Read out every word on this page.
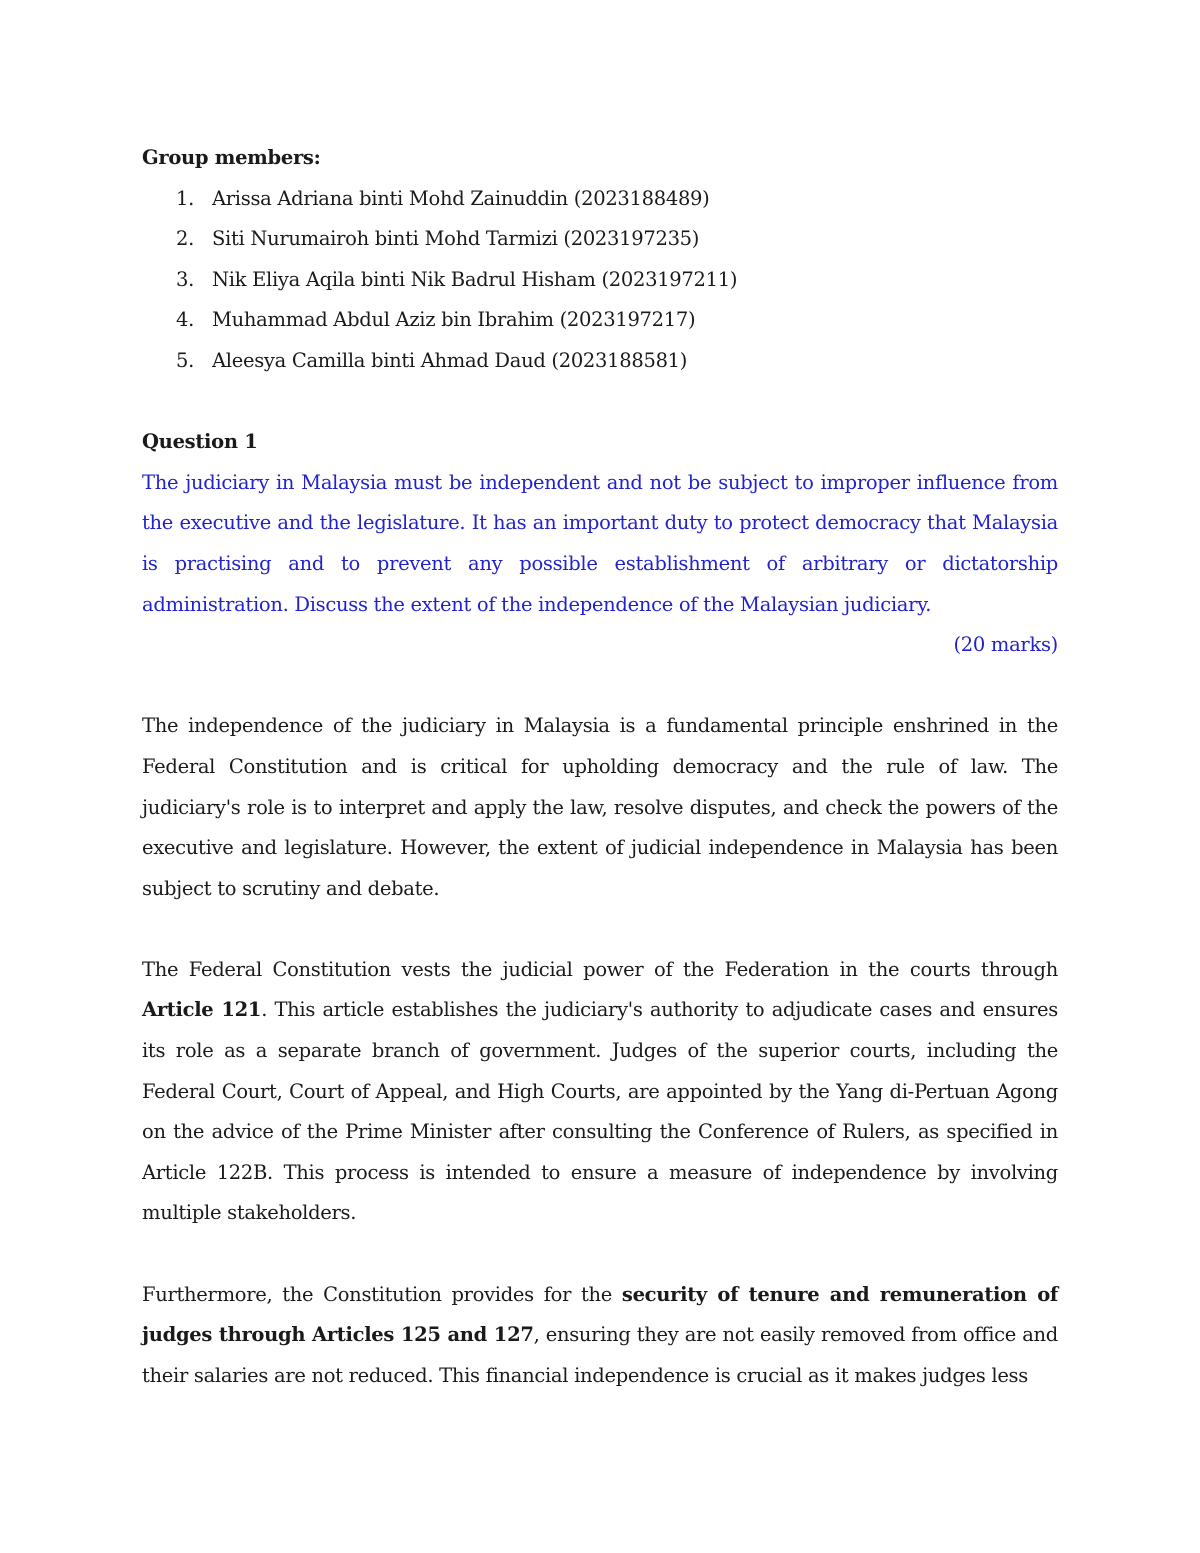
Group members:

1. Arissa Adriana binti Mohd Zainuddin (2023188489)
2. Siti Nurumairoh binti Mohd Tarmizi (2023197235)
3. Nik Eliya Aqila binti Nik Badrul Hisham (2023197211)
4. Muhammad Abdul Aziz bin Ibrahim (2023197217)
5. Aleesya Camilla binti Ahmad Daud (2023188581)

Question 1

The judiciary in Malaysia must be independent and not be subject to improper influence from the executive and the legislature. It has an important duty to protect democracy that Malaysia is practising and to prevent any possible establishment of arbitrary or dictatorship administration. Discuss the extent of the independence of the Malaysian judiciary.

(20 marks)

The independence of the judiciary in Malaysia is a fundamental principle enshrined in the Federal Constitution and is critical for upholding democracy and the rule of law. The judiciary's role is to interpret and apply the law, resolve disputes, and check the powers of the executive and legislature. However, the extent of judicial independence in Malaysia has been subject to scrutiny and debate.

The Federal Constitution vests the judicial power of the Federation in the courts through Article 121. This article establishes the judiciary's authority to adjudicate cases and ensures its role as a separate branch of government. Judges of the superior courts, including the Federal Court, Court of Appeal, and High Courts, are appointed by the Yang di-Pertuan Agong on the advice of the Prime Minister after consulting the Conference of Rulers, as specified in Article 122B. This process is intended to ensure a measure of independence by involving multiple stakeholders.

Furthermore, the Constitution provides for the security of tenure and remuneration of judges through Articles 125 and 127, ensuring they are not easily removed from office and their salaries are not reduced. This financial independence is crucial as it makes judges less
